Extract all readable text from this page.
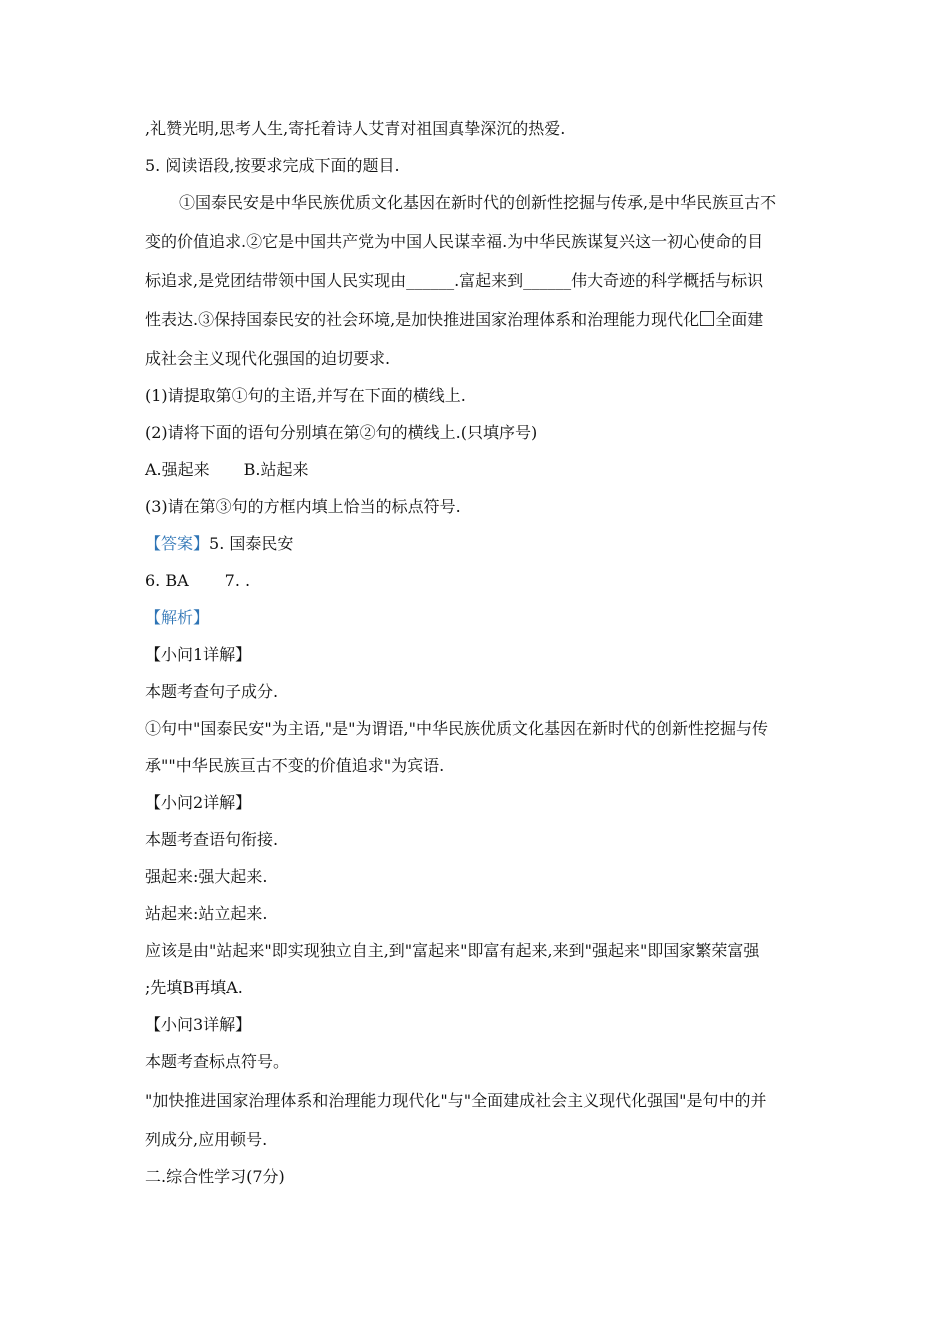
,礼赞光明,思考人生,寄托着诗人艾青对祖国真挚深沉的热爱.

5. 阅读语段,按要求完成下面的题目.

①国泰民安是中华民族优质文化基因在新时代的创新性挖掘与传承,是中华民族亘古不

变的价值追求.②它是中国共产党为中国人民谋幸福.为中华民族谋复兴这一初心使命的目

标追求,是党团结带领中国人民实现由______.富起来到______伟大奇迹的科学概括与标识

性表达.③保持国泰民安的社会环境,是加快推进国家治理体系和治理能力现代化 全面建

成社会主义现代化强国的迫切要求.

(1)请提取第①句的主语,并写在下面的横线上.

(2)请将下面的语句分别填在第②句的横线上.(只填序号)

A.强起来 B.站起来

(3)请在第③句的方框内填上恰当的标点符号.

【答案】5. 国泰民安

6. BA 7. .

【解析】

【小问1详解】

本题考查句子成分.

①句中"国泰民安"为主语,"是"为谓语,"中华民族优质文化基因在新时代的创新性挖掘与传

承""中华民族亘古不变的价值追求"为宾语.

【小问2详解】

本题考查语句衔接.

强起来:强大起来.

站起来:站立起来.

应该是由"站起来"即实现独立自主,到"富起来"即富有起来,来到"强起来"即国家繁荣富强

;先填B再填A.

【小问3详解】

本题考查标点符号。

"加快推进国家治理体系和治理能力现代化"与"全面建成社会主义现代化强国"是句中的并

列成分,应用顿号.

二.综合性学习(7分)
